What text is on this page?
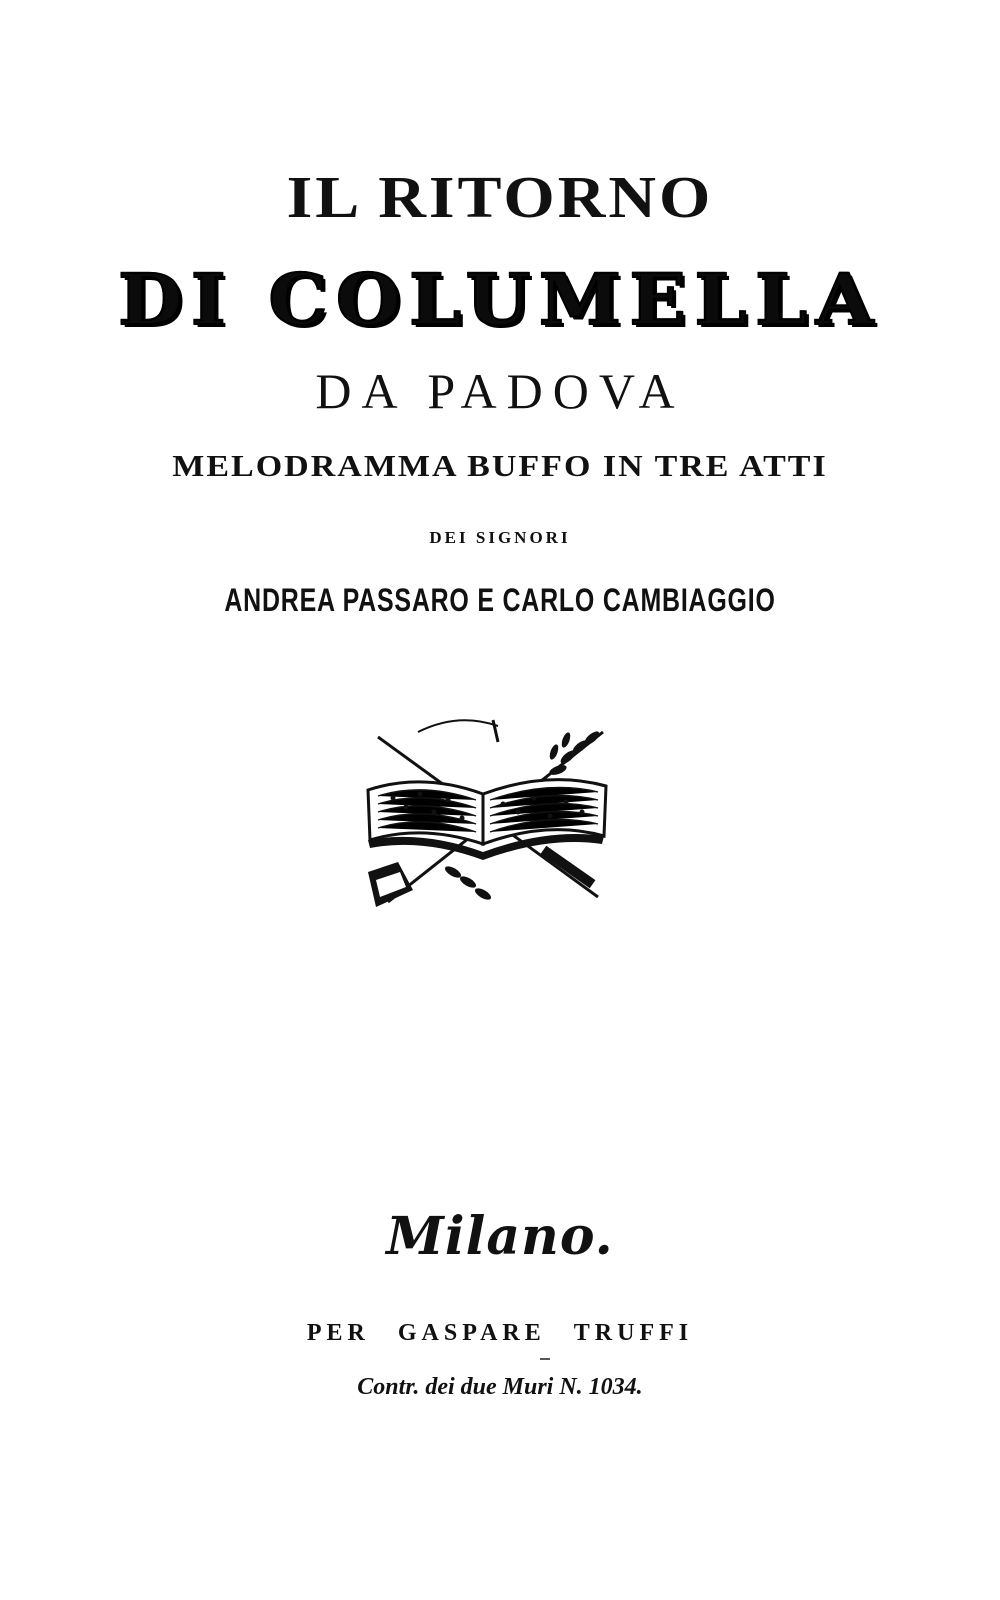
IL RITORNO
DI COLUMELLA
DA PADOVA
MELODRAMMA BUFFO IN TRE ATTI
DEI SIGNORI
ANDREA PASSARO E CARLO CAMBIAGGIO
Milano.
PER GASPARE TRUFFI
Contr. dei due Muri N. 1034.
